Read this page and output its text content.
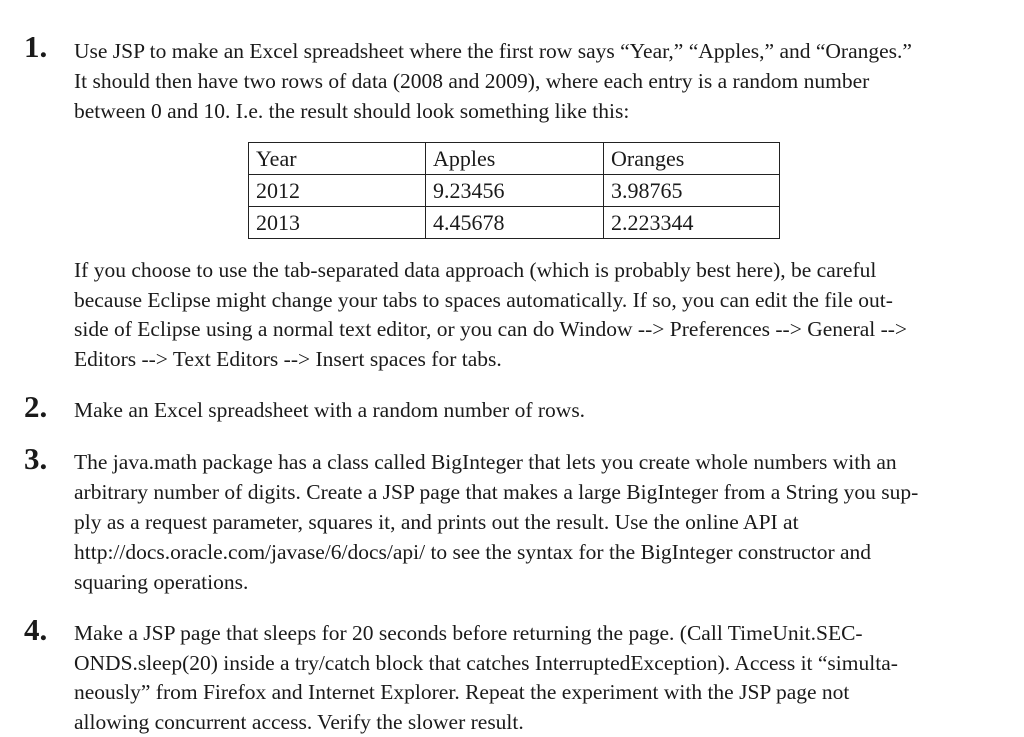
1. Use JSP to make an Excel spreadsheet where the first row says “Year,” “Apples,” and “Oranges.”
It should then have two rows of data (2008 and 2009), where each entry is a random number
between 0 and 10. I.e. the result should look something like this:
Year	Apples	Oranges
2012	9.23456	3.98765
2013	4.45678	2.223344
If you choose to use the tab-separated data approach (which is probably best here), be careful
because Eclipse might change your tabs to spaces automatically. If so, you can edit the file out-
side of Eclipse using a normal text editor, or you can do Window --> Preferences --> General -->
Editors --> Text Editors --> Insert spaces for tabs.
2. Make an Excel spreadsheet with a random number of rows.
3. The java.math package has a class called BigInteger that lets you create whole numbers with an
arbitrary number of digits. Create a JSP page that makes a large BigInteger from a String you sup-
ply as a request parameter, squares it, and prints out the result. Use the online API at
http://docs.oracle.com/javase/6/docs/api/ to see the syntax for the BigInteger constructor and
squaring operations.
4. Make a JSP page that sleeps for 20 seconds before returning the page. (Call TimeUnit.SEC-
ONDS.sleep(20) inside a try/catch block that catches InterruptedException). Access it “simulta-
neously” from Firefox and Internet Explorer. Repeat the experiment with the JSP page not
allowing concurrent access. Verify the slower result.
